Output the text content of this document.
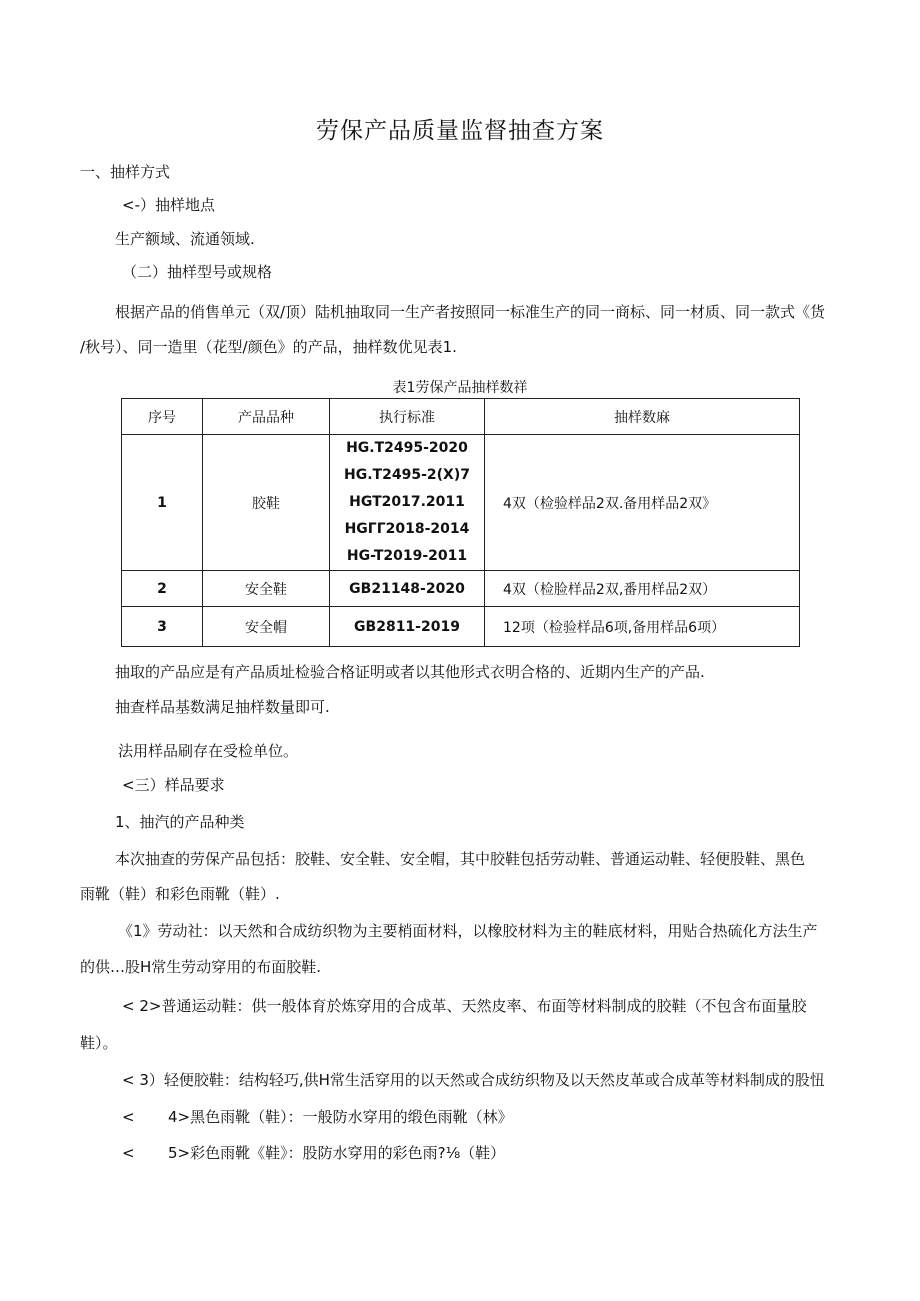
劳保产品质量监督抽查方案
一、抽样方式
<-）抽样地点
生产额域、流通领域.
（二）抽样型号或规格
根据产品的俏售单元（双/顶）陆机抽取同一生产者按照同一标准生产的同一商标、同一材质、同一款式《货
/秋号）、同一造里（花型/颜色》的产品，抽样数优见表1.
表1劳保产品抽样数祥
序号	产品品种	执行标准	抽样数麻
1	胶鞋	HG.T2495-2020
HG.T2495-2(X)7
HGT2017.2011
HGΓΓ2018-2014
HG-T2019-2011	4双（检验样品2双.备用样品2双》
2	安全鞋	GB21148-2020	4双（检脸样品2双,番用样品2双）
3	安全帽	GB2811-2019	12项（检验样品6项,备用样品6项）
抽取的产品应是有产品质址检验合格证明或者以其他形式衣明合格的、近期内生产的产品.
抽查样品基数满足抽样数量即可.
法用样品刷存在受检单位。
<三）样品要求
1、抽汽的产品种类
本次抽查的劳保产品包括：胶鞋、安全鞋、安全帽，其中胶鞋包括劳动鞋、普通运动鞋、轻便股鞋、黑色
雨靴（鞋）和彩色雨靴（鞋）.
《1》劳动社：以天然和合成纺织物为主要梢面材料，以橡胶材料为主的鞋底材料，用贴合热硫化方法生产
的供…股H常生劳动穿用的布面胶鞋.
< 2>普通运动鞋：供一般体育於炼穿用的合成革、天然皮率、布面等材料制成的胶鞋（不包含布面量胶
鞋）。
< 3）轻便胶鞋：结构轻巧,供H常生活穿用的以天然或合成纺织物及以天然皮革或合成革等材料制成的股忸
< 4>黑色雨靴（鞋）：一般防水穿用的缎色雨靴（林》
< 5>彩色雨靴《鞋》：股防水穿用的彩色雨?⅛（鞋）
